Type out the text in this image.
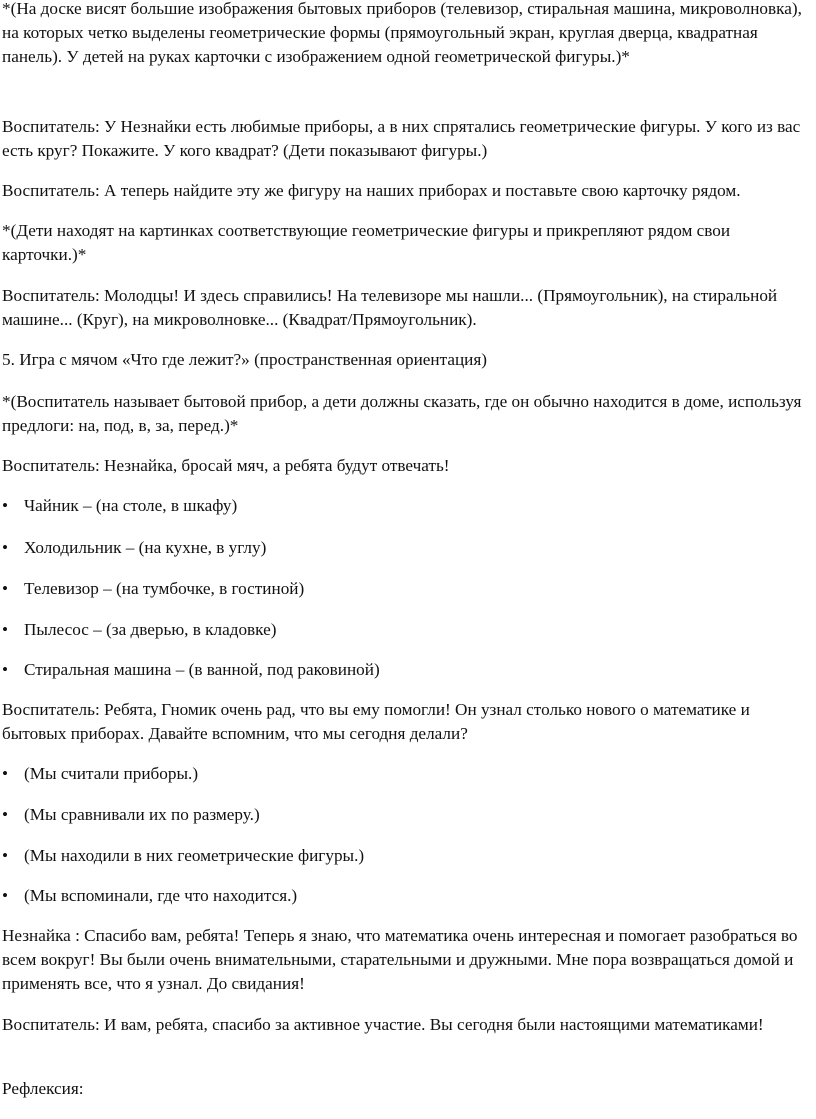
*(На доске висят большие изображения бытовых приборов (телевизор, стиральная машина, микроволновка), на которых четко выделены геометрические формы (прямоугольный экран, круглая дверца, квадратная панель). У детей на руках карточки с изображением одной геометрической фигуры.)*

Воспитатель: У Незнайки есть любимые приборы, а в них спрятались геометрические фигуры. У кого из вас есть круг? Покажите. У кого квадрат? (Дети показывают фигуры.)

Воспитатель: А теперь найдите эту же фигуру на наших приборах и поставьте свою карточку рядом.

*(Дети находят на картинках соответствующие геометрические фигуры и прикрепляют рядом свои карточки.)*

Воспитатель: Молодцы! И здесь справились! На телевизоре мы нашли... (Прямоугольник), на стиральной машине... (Круг), на микроволновке... (Квадрат/Прямоугольник).

5. Игра с мячом «Что где лежит?» (пространственная ориентация)

*(Воспитатель называет бытовой прибор, а дети должны сказать, где он обычно находится в доме, используя предлоги: на, под, в, за, перед.)*

Воспитатель: Незнайка, бросай мяч, а ребята будут отвечать!

• Чайник – (на столе, в шкафу)

• Холодильник – (на кухне, в углу)

• Телевизор – (на тумбочке, в гостиной)

• Пылесос – (за дверью, в кладовке)

• Стиральная машина – (в ванной, под раковиной)

Воспитатель: Ребята, Гномик очень рад, что вы ему помогли! Он узнал столько нового о математике и бытовых приборах. Давайте вспомним, что мы сегодня делали?

• (Мы считали приборы.)

• (Мы сравнивали их по размеру.)

• (Мы находили в них геометрические фигуры.)

• (Мы вспоминали, где что находится.)

Незнайка : Спасибо вам, ребята! Теперь я знаю, что математика очень интересная и помогает разобраться во всем вокруг! Вы были очень внимательными, старательными и дружными. Мне пора возвращаться домой и применять все, что я узнал. До свидания!

Воспитатель: И вам, ребята, спасибо за активное участие. Вы сегодня были настоящими математиками!

Рефлексия:
